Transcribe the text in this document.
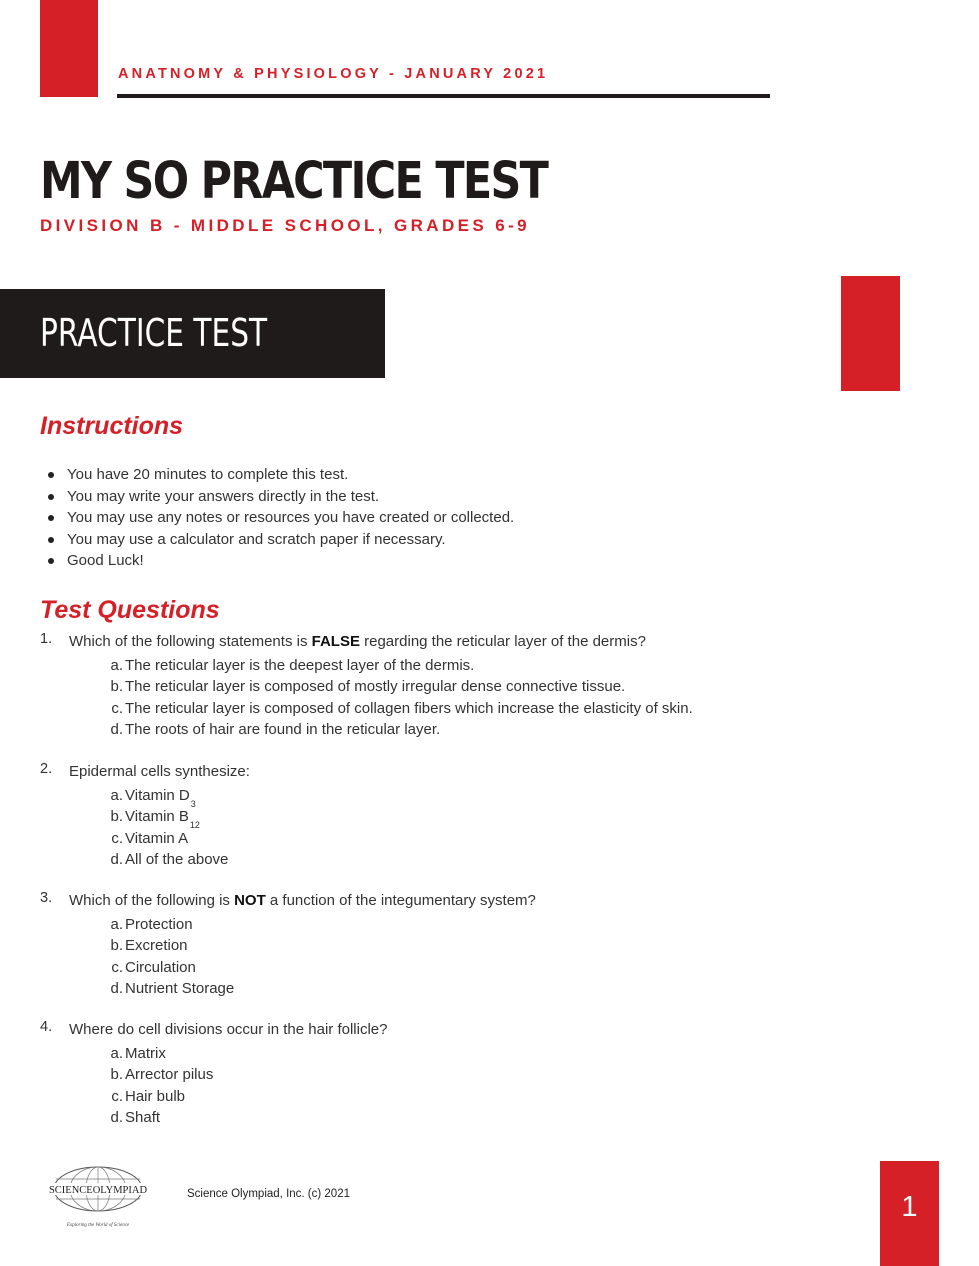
ANATNOMY & PHYSIOLOGY - JANUARY 2021
MY SO PRACTICE TEST
DIVISION B - MIDDLE SCHOOL, GRADES 6-9
PRACTICE TEST
Instructions
You have 20 minutes to complete this test.
You may write your answers directly in the test.
You may use any notes or resources you have created or collected.
You may use a calculator and scratch paper if necessary.
Good Luck!
Test Questions
1. Which of the following statements is FALSE regarding the reticular layer of the dermis?
a. The reticular layer is the deepest layer of the dermis.
b. The reticular layer is composed of mostly irregular dense connective tissue.
c. The reticular layer is composed of collagen fibers which increase the elasticity of skin.
d. The roots of hair are found in the reticular layer.
2. Epidermal cells synthesize:
a. Vitamin $D_3$
b. Vitamin $B_{12}$
c. Vitamin A
d. All of the above
3. Which of the following is NOT a function of the integumentary system?
a. Protection
b. Excretion
c. Circulation
d. Nutrient Storage
4. Where do cell divisions occur in the hair follicle?
a. Matrix
b. Arrector pilus
c. Hair bulb
d. Shaft
SCIENCEOLYMPIAD
Exploring the World of Science
Science Olympiad, Inc. (c) 2021	1
